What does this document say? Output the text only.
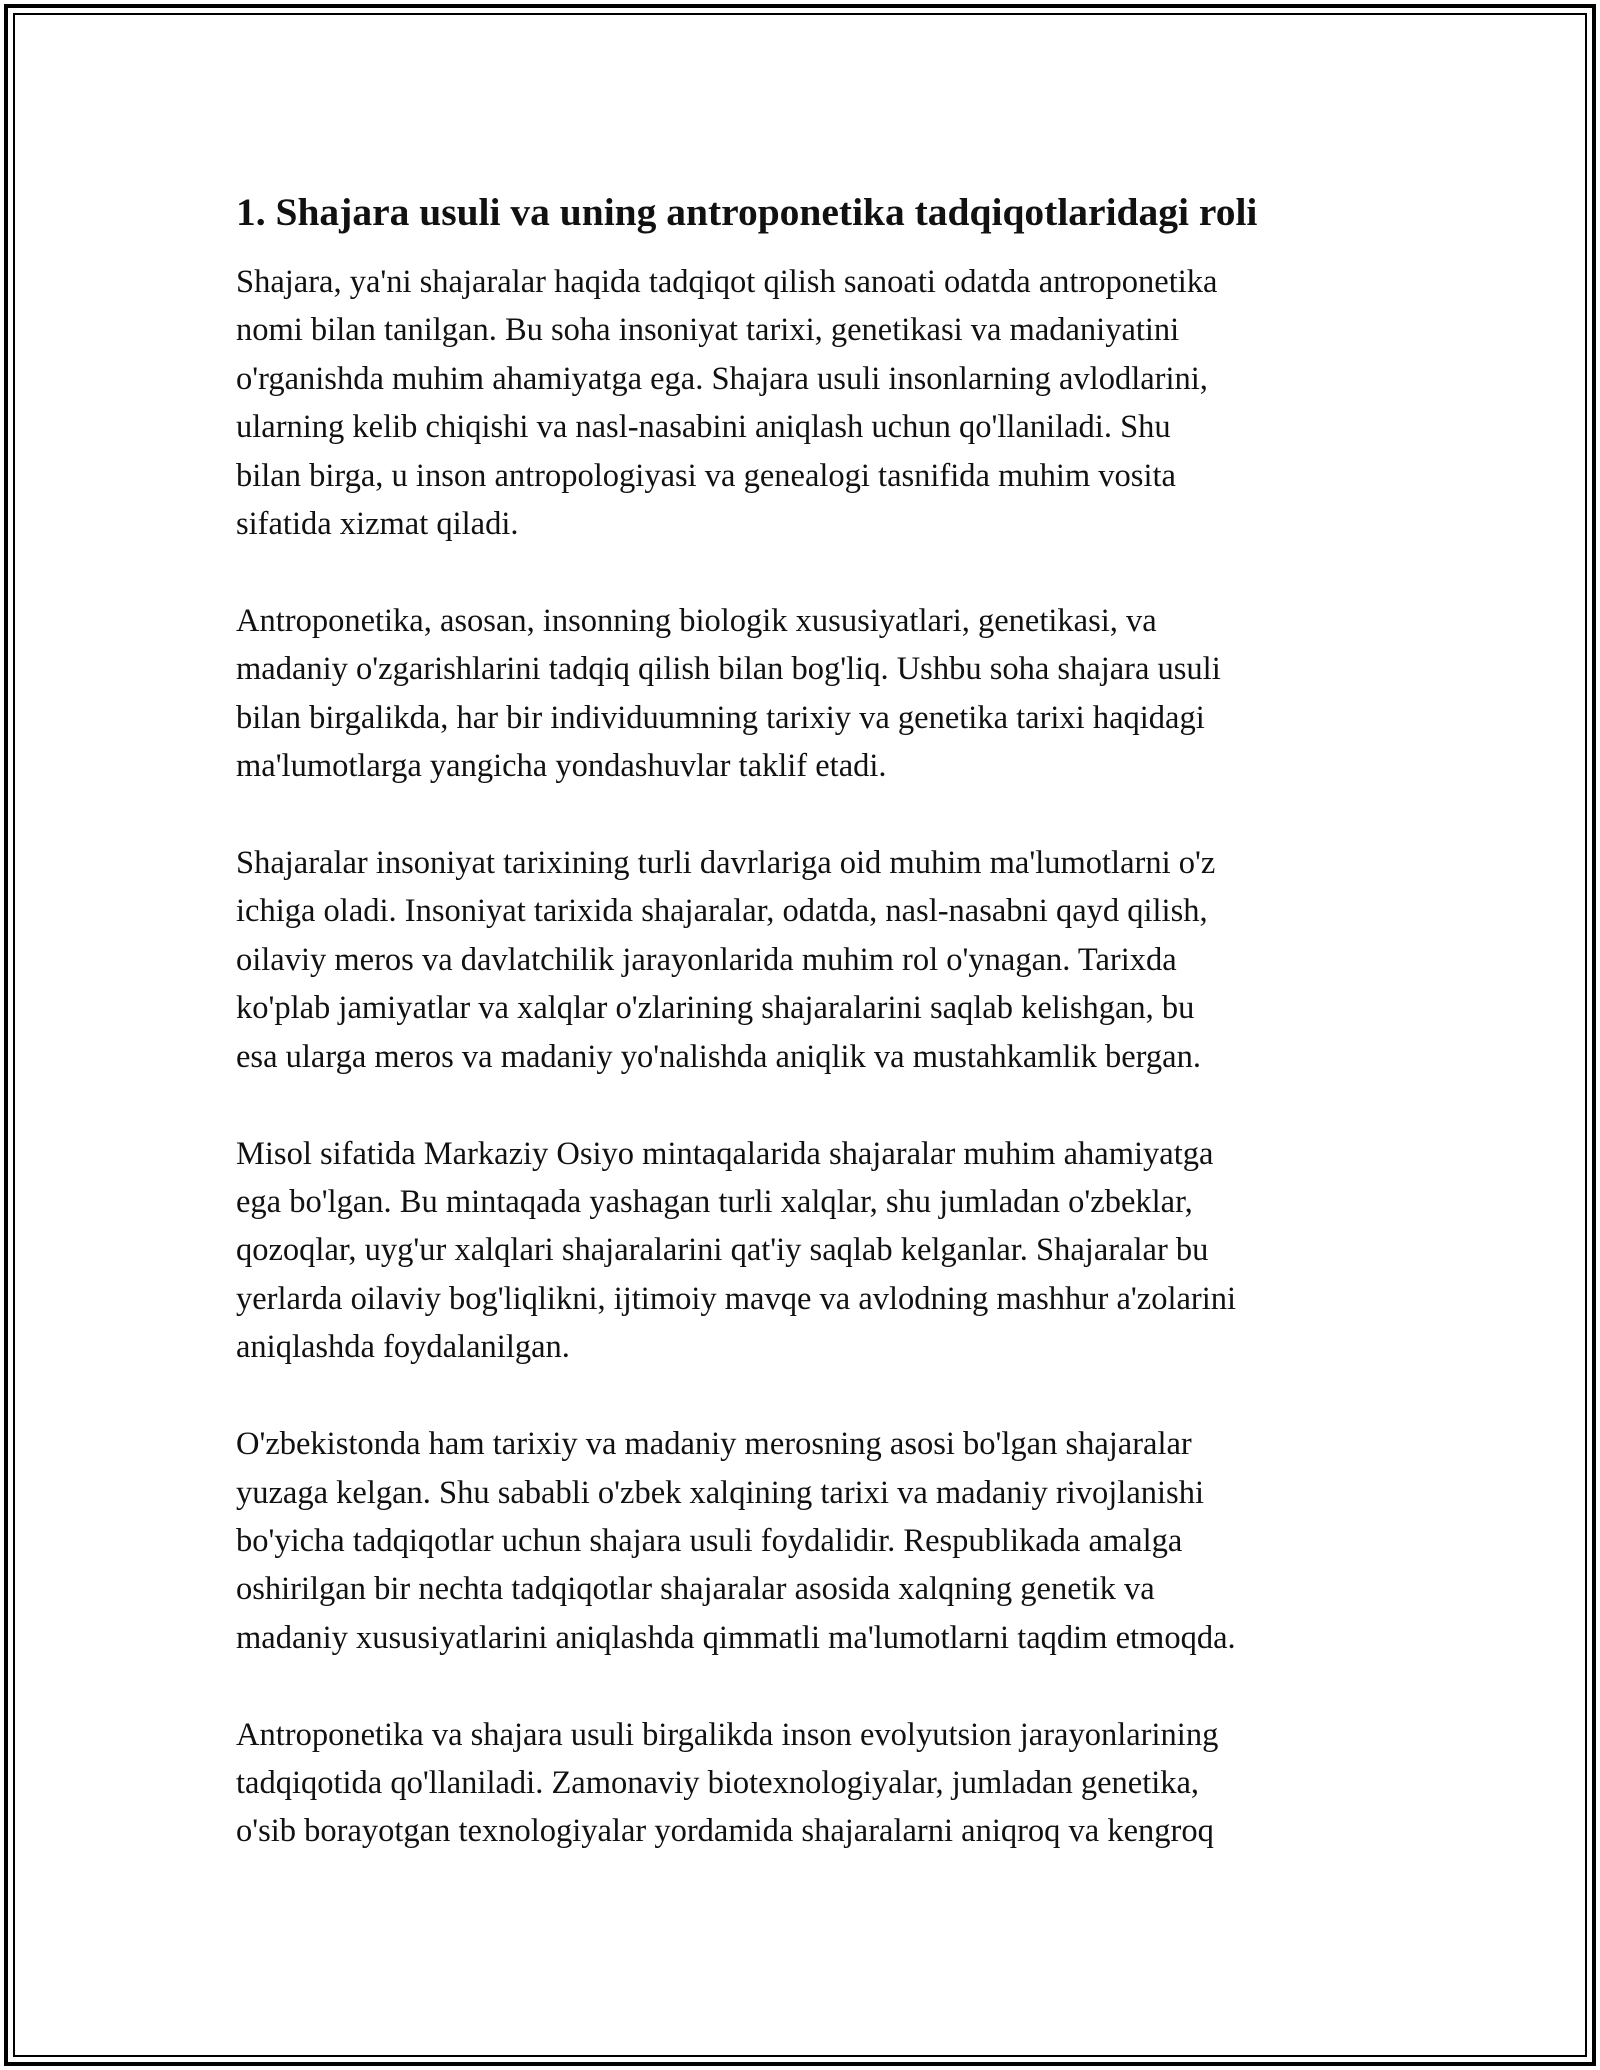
1. Shajara usuli va uning antroponetika tadqiqotlaridagi roli

Shajara, ya'ni shajaralar haqida tadqiqot qilish sanoati odatda antroponetika
nomi bilan tanilgan. Bu soha insoniyat tarixi, genetikasi va madaniyatini
o'rganishda muhim ahamiyatga ega. Shajara usuli insonlarning avlodlarini,
ularning kelib chiqishi va nasl-nasabini aniqlash uchun qo'llaniladi. Shu
bilan birga, u inson antropologiyasi va genealogi tasnifida muhim vosita
sifatida xizmat qiladi.

Antroponetika, asosan, insonning biologik xususiyatlari, genetikasi, va
madaniy o'zgarishlarini tadqiq qilish bilan bog'liq. Ushbu soha shajara usuli
bilan birgalikda, har bir individuumning tarixiy va genetika tarixi haqidagi
ma'lumotlarga yangicha yondashuvlar taklif etadi.

Shajaralar insoniyat tarixining turli davrlariga oid muhim ma'lumotlarni o'z
ichiga oladi. Insoniyat tarixida shajaralar, odatda, nasl-nasabni qayd qilish,
oilaviy meros va davlatchilik jarayonlarida muhim rol o'ynagan. Tarixda
ko'plab jamiyatlar va xalqlar o'zlarining shajaralarini saqlab kelishgan, bu
esa ularga meros va madaniy yo'nalishda aniqlik va mustahkamlik bergan.

Misol sifatida Markaziy Osiyo mintaqalarida shajaralar muhim ahamiyatga
ega bo'lgan. Bu mintaqada yashagan turli xalqlar, shu jumladan o'zbeklar,
qozoqlar, uyg'ur xalqlari shajaralarini qat'iy saqlab kelganlar. Shajaralar bu
yerlarda oilaviy bog'liqlikni, ijtimoiy mavqe va avlodning mashhur a'zolarini
aniqlashda foydalanilgan.

O'zbekistonda ham tarixiy va madaniy merosning asosi bo'lgan shajaralar
yuzaga kelgan. Shu sababli o'zbek xalqining tarixi va madaniy rivojlanishi
bo'yicha tadqiqotlar uchun shajara usuli foydalidir. Respublikada amalga
oshirilgan bir nechta tadqiqotlar shajaralar asosida xalqning genetik va
madaniy xususiyatlarini aniqlashda qimmatli ma'lumotlarni taqdim etmoqda.

Antroponetika va shajara usuli birgalikda inson evolyutsion jarayonlarining
tadqiqotida qo'llaniladi. Zamonaviy biotexnologiyalar, jumladan genetika,
o'sib borayotgan texnologiyalar yordamida shajaralarni aniqroq va kengroq
